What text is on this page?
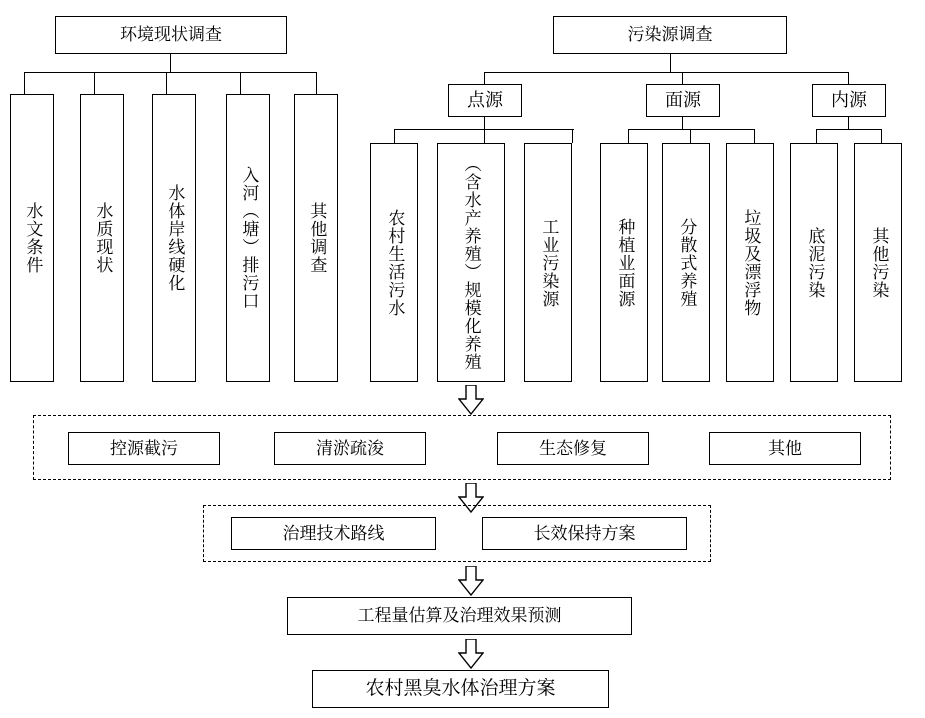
环境现状调查	污染源调查
水文条件	水质现状	水体岸线硬化	入河（塘）排污口	其他调查
点源	面源	内源
农村生活污水	（含水产养殖）规模化养殖	工业污染源	种植业面源	分散式养殖	垃圾及漂浮物	底泥污染	其他污染
控源截污	清淤疏浚	生态修复	其他
治理技术路线	长效保持方案
工程量估算及治理效果预测
农村黑臭水体治理方案
